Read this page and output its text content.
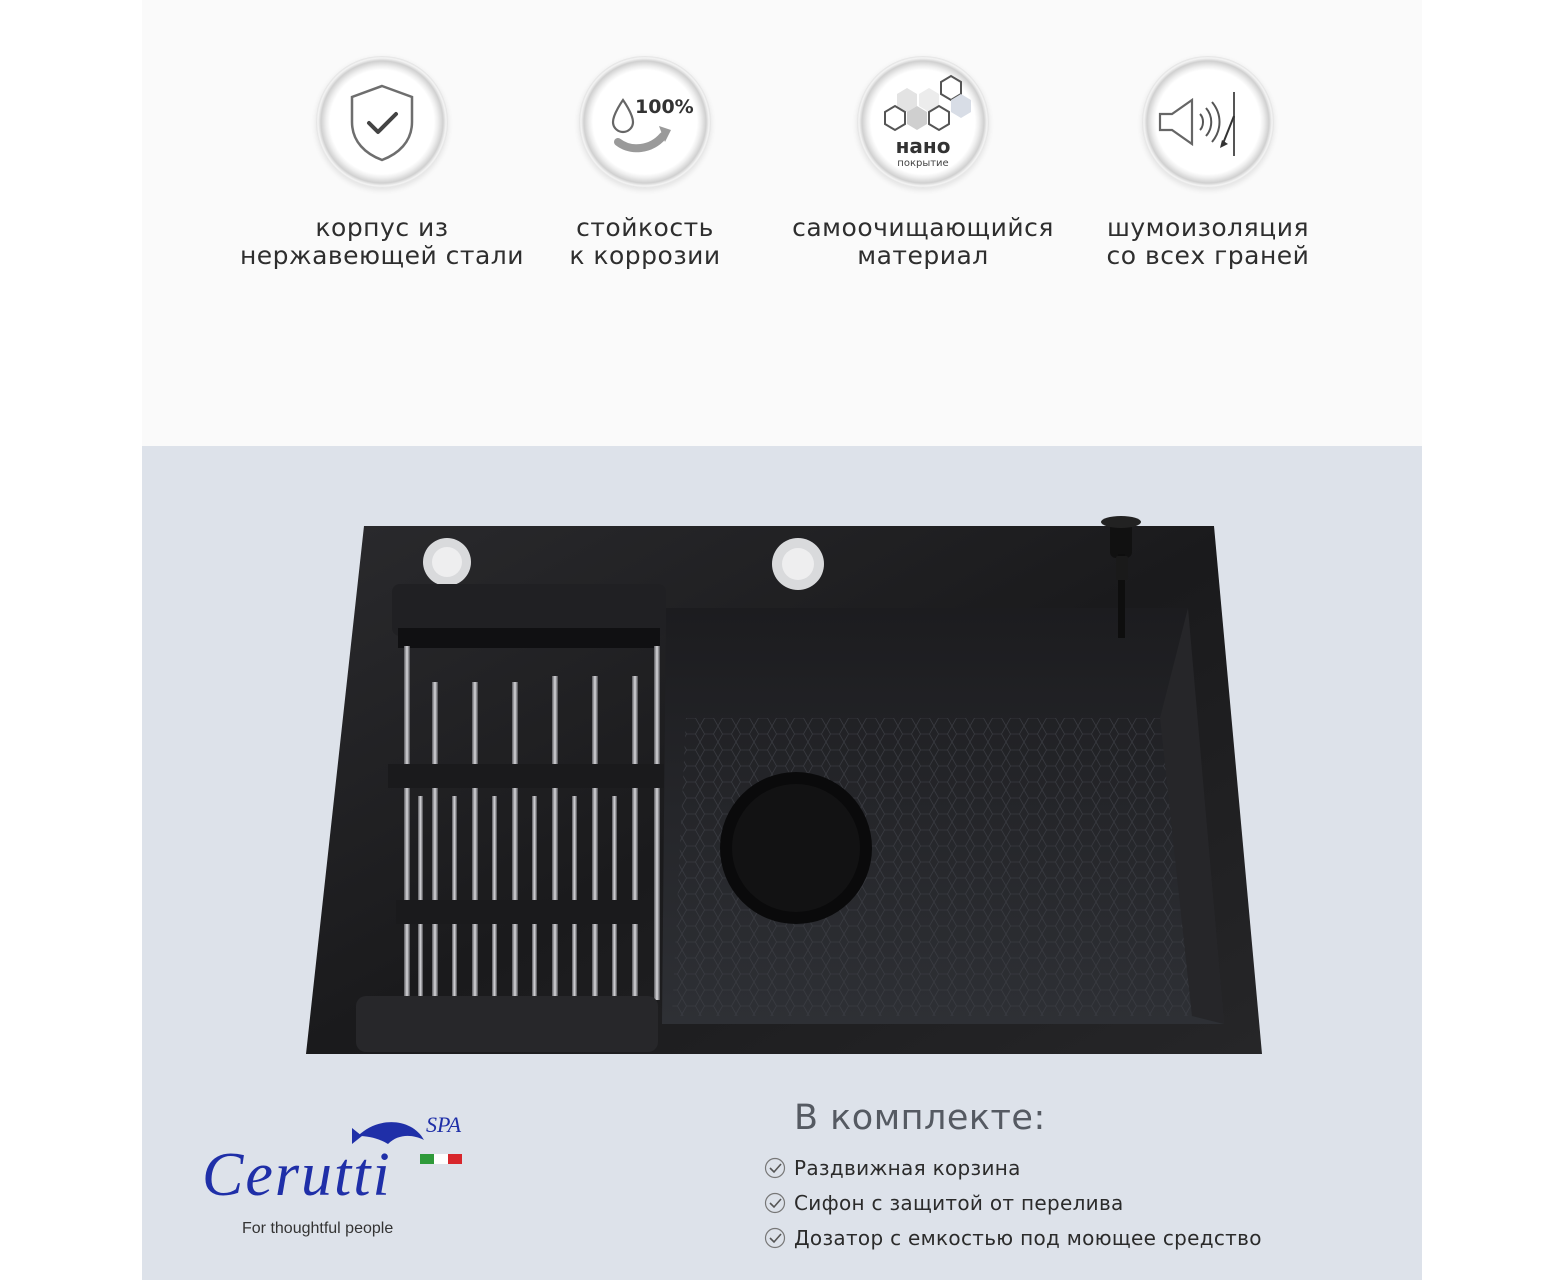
корпус из
нержавеющей стали
100%
стойкость
к коррозии
нано
покрытие
самоочищающийся
материал
шумоизоляция
со всех граней
SPA
Cerutti
For thoughtful people
В комплекте:
Раздвижная корзина
Сифон с защитой от перелива
Дозатор с емкостью под моющее средство
